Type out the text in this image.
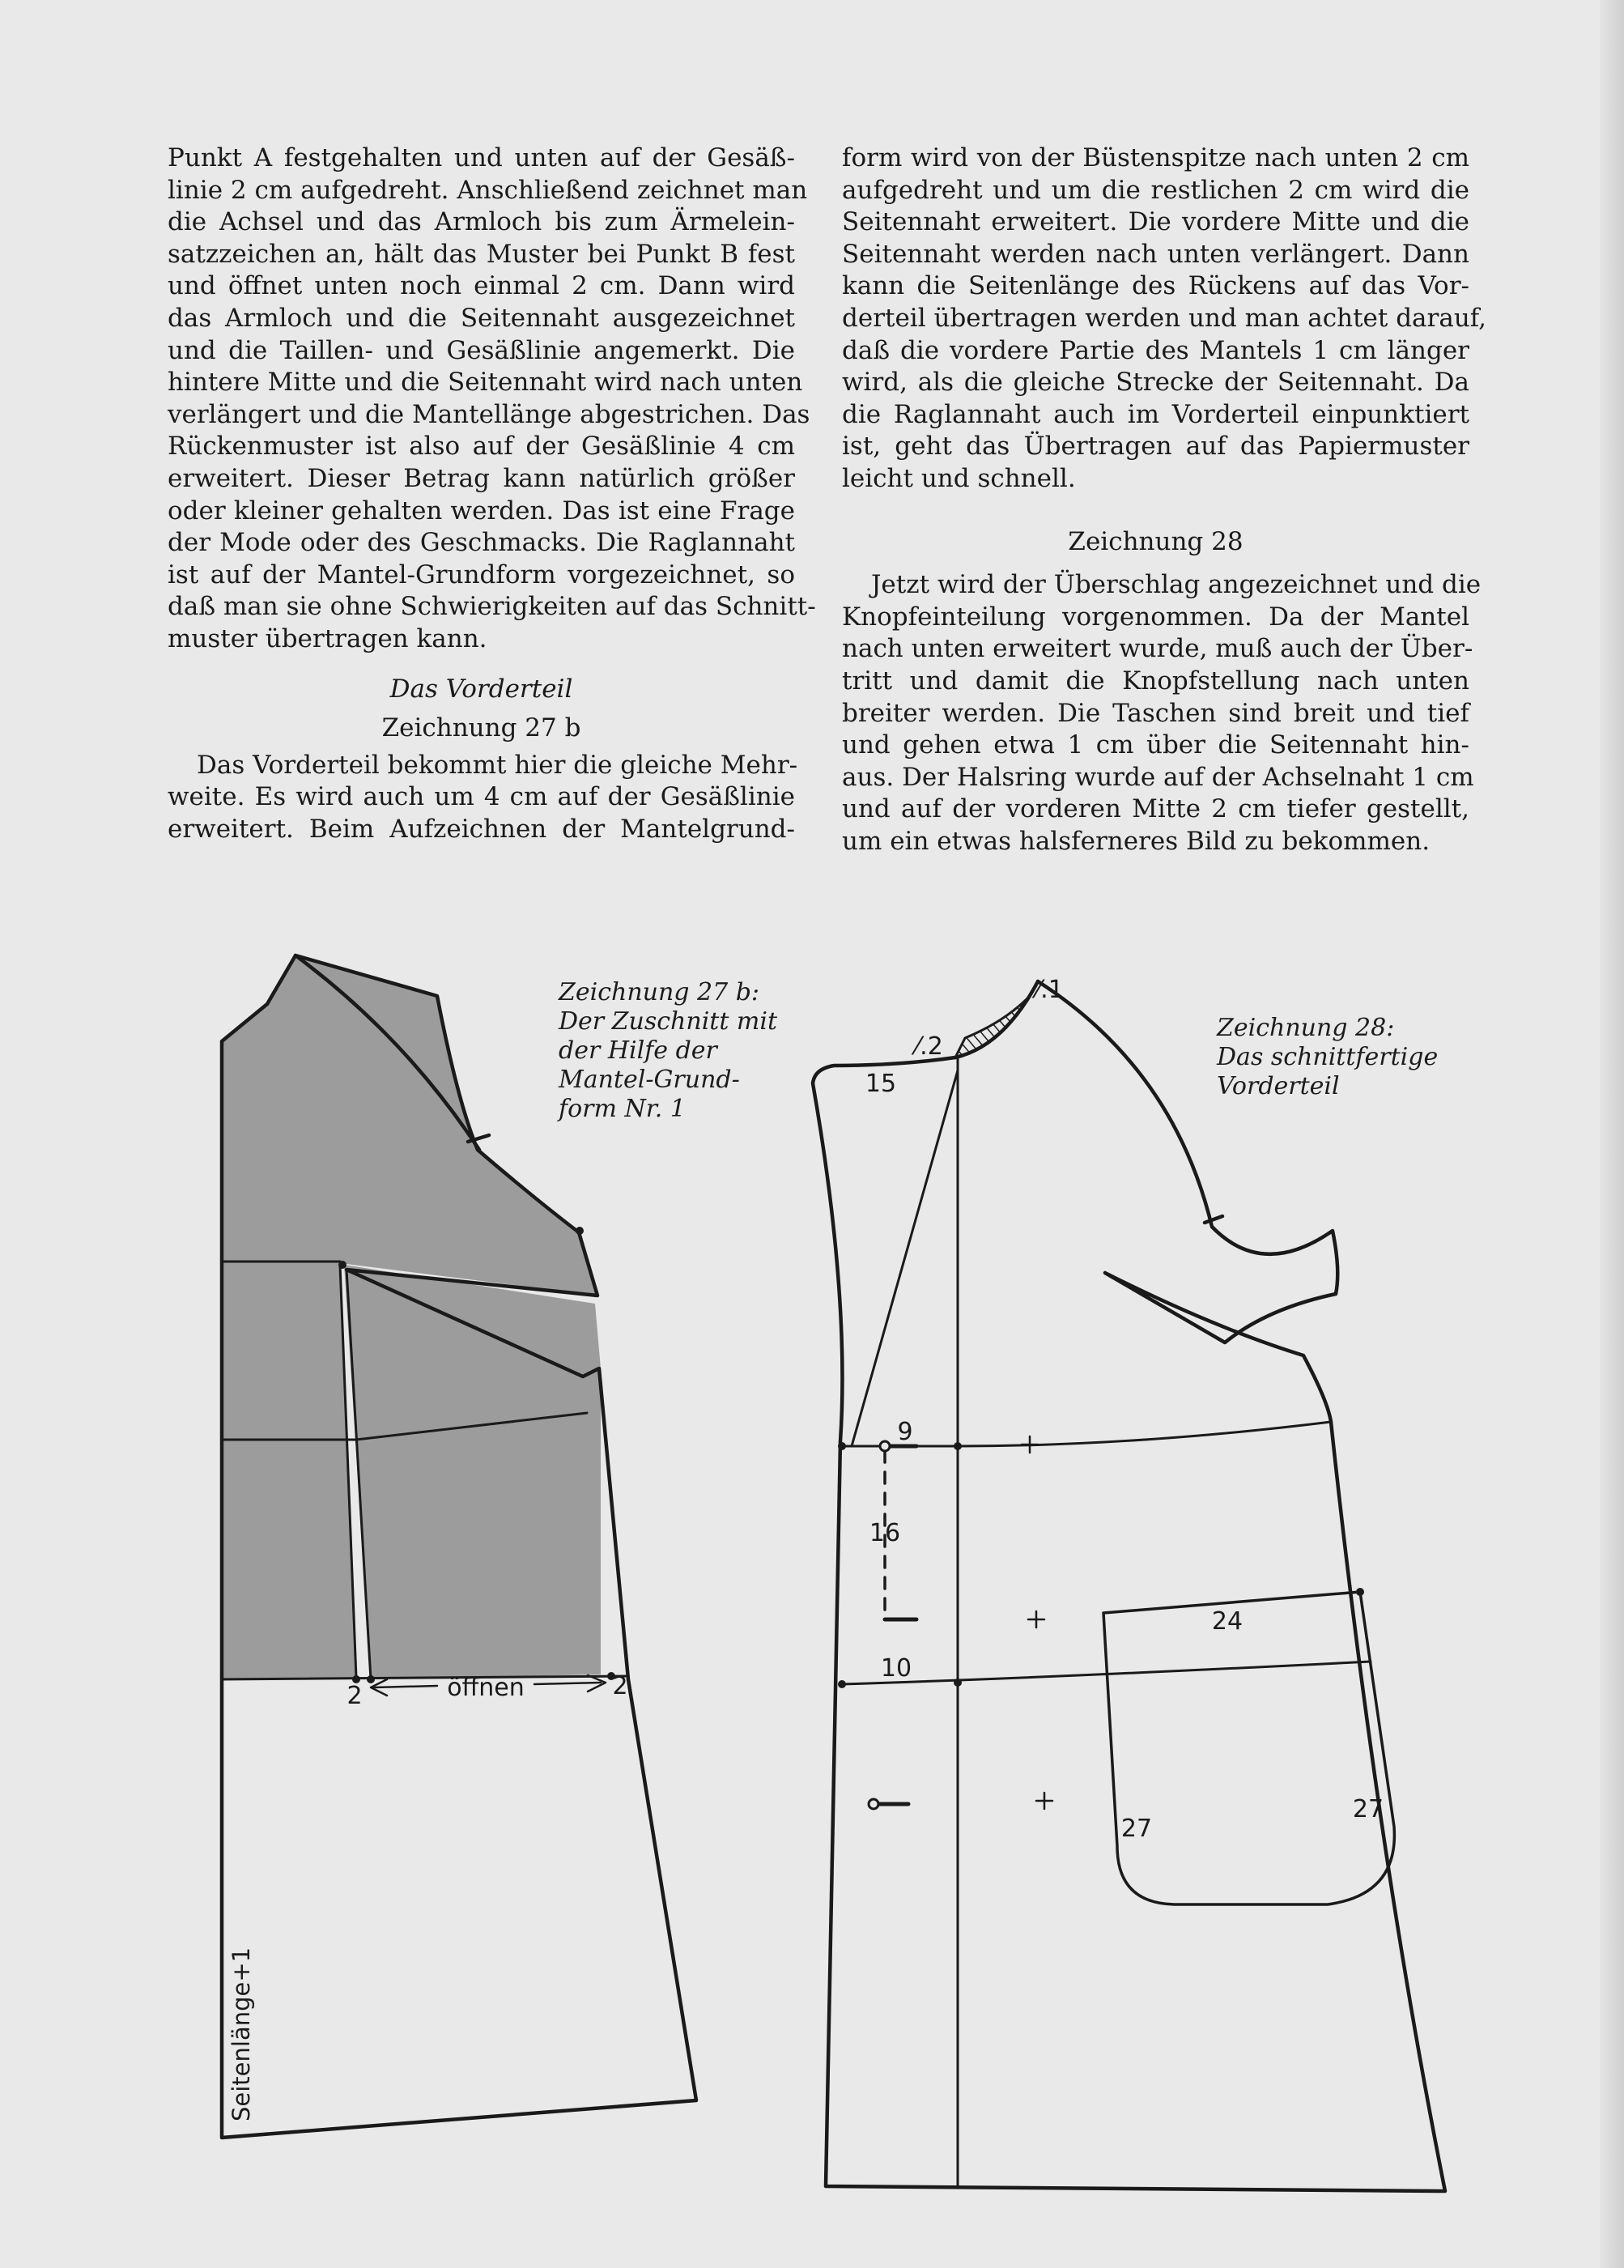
Punkt A festgehalten und unten auf der Gesäß-
linie 2 cm aufgedreht. Anschließend zeichnet man
die Achsel und das Armloch bis zum Ärmelein-
satzzeichen an, hält das Muster bei Punkt B fest
und öffnet unten noch einmal 2 cm. Dann wird
das Armloch und die Seitennaht ausgezeichnet
und die Taillen- und Gesäßlinie angemerkt. Die
hintere Mitte und die Seitennaht wird nach unten
verlängert und die Mantellänge abgestrichen. Das
Rückenmuster ist also auf der Gesäßlinie 4 cm
erweitert. Dieser Betrag kann natürlich größer
oder kleiner gehalten werden. Das ist eine Frage
der Mode oder des Geschmacks. Die Raglannaht
ist auf der Mantel-Grundform vorgezeichnet, so
daß man sie ohne Schwierigkeiten auf das Schnitt-
muster übertragen kann.
Das Vorderteil
Zeichnung 27 b
Das Vorderteil bekommt hier die gleiche Mehr-
weite. Es wird auch um 4 cm auf der Gesäßlinie
erweitert. Beim Aufzeichnen der Mantelgrund-
form wird von der Büstenspitze nach unten 2 cm
aufgedreht und um die restlichen 2 cm wird die
Seitennaht erweitert. Die vordere Mitte und die
Seitennaht werden nach unten verlängert. Dann
kann die Seitenlänge des Rückens auf das Vor-
derteil übertragen werden und man achtet darauf,
daß die vordere Partie des Mantels 1 cm länger
wird, als die gleiche Strecke der Seitennaht. Da
die Raglannaht auch im Vorderteil einpunktiert
ist, geht das Übertragen auf das Papiermuster
leicht und schnell.
Zeichnung 28
Jetzt wird der Überschlag angezeichnet und die
Knopfeinteilung vorgenommen. Da der Mantel
nach unten erweitert wurde, muß auch der Über-
tritt und damit die Knopfstellung nach unten
breiter werden. Die Taschen sind breit und tief
und gehen etwa 1 cm über die Seitennaht hin-
aus. Der Halsring wurde auf der Achselnaht 1 cm
und auf der vorderen Mitte 2 cm tiefer gestellt,
um ein etwas halsferneres Bild zu bekommen.
Zeichnung 27 b:
Der Zuschnitt mit
der Hilfe der
Mantel-Grund-
form Nr. 1
Zeichnung 28:
Das schnittfertige
Vorderteil
2	öffnen	2
Seitenlänge+1
⁄.1
⁄.2
15
9
16
10
24
27
27
